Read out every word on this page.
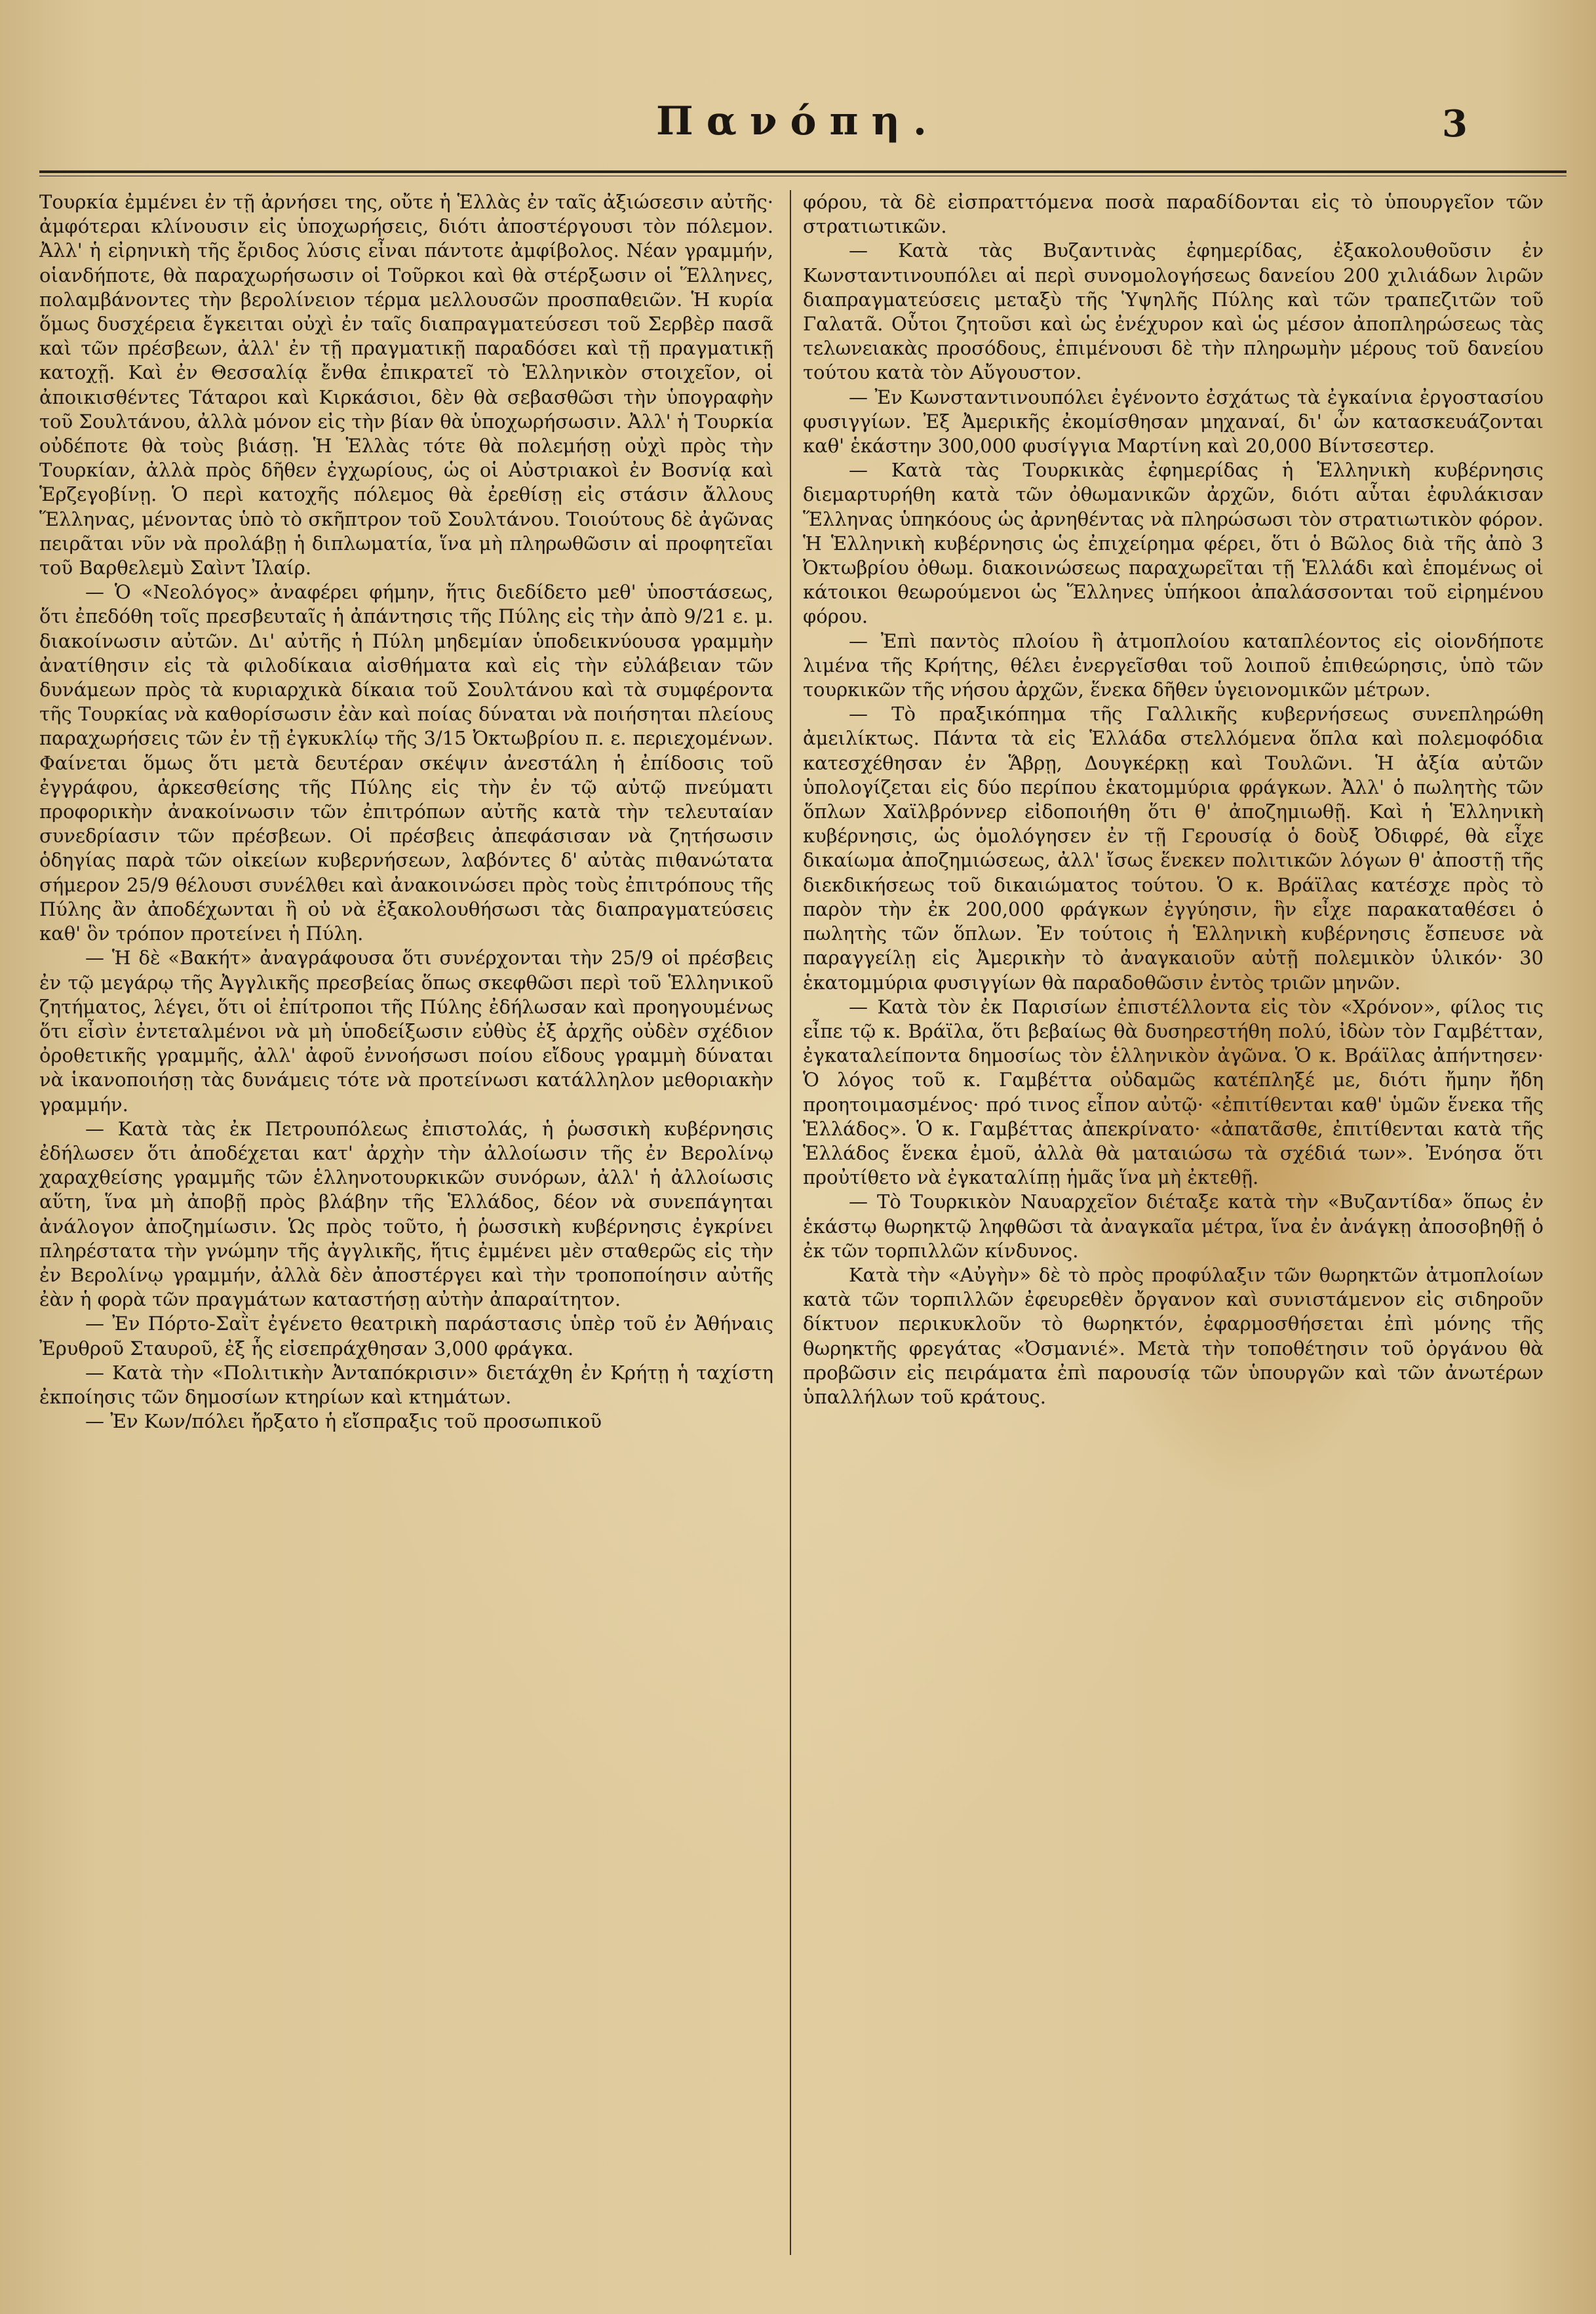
Πανόπη.	3

Τουρκία ἐμμένει ἐν τῇ ἀρνήσει της, οὔτε ἡ Ἑλλὰς ἐν ταῖς ἀξιώσεσιν αὐτῆς· ἀμφότεραι κλίνουσιν εἰς ὑποχωρήσεις, διότι ἀποστέργουσι τὸν πόλεμον. Ἀλλ' ἡ εἰρηνικὴ τῆς ἔριδος λύσις εἶναι πάντοτε ἀμφίβολος. Νέαν γραμμήν, οἱανδήποτε, θὰ παραχωρήσωσιν οἱ Τοῦρκοι καὶ θὰ στέρξωσιν οἱ Ἕλληνες, πολαμβάνοντες τὴν βερολίνειον τέρμα μελλουσῶν προσπαθειῶν. Ἡ κυρία ὅμως δυσχέρεια ἔγκειται οὐχὶ ἐν ταῖς διαπραγματεύσεσι τοῦ Σερβὲρ πασᾶ καὶ τῶν πρέσβεων, ἀλλ' ἐν τῇ πραγματικῇ παραδόσει καὶ τῇ πραγματικῇ κατοχῇ. Καὶ ἐν Θεσσαλίᾳ ἔνθα ἐπικρατεῖ τὸ Ἑλληνικὸν στοιχεῖον, οἱ ἀποικισθέντες Τάταροι καὶ Κιρκάσιοι, δὲν θὰ σεβασθῶσι τὴν ὑπογραφὴν τοῦ Σουλτάνου, ἀλλὰ μόνον εἰς τὴν βίαν θὰ ὑποχωρήσωσιν. Ἀλλ' ἡ Τουρκία οὐδέποτε θὰ τοὺς βιάσῃ. Ἡ Ἑλλὰς τότε θὰ πολεμήσῃ οὐχὶ πρὸς τὴν Τουρκίαν, ἀλλὰ πρὸς δῆθεν ἐγχωρίους, ὡς οἱ Αὐστριακοὶ ἐν Βοσνίᾳ καὶ Ἑρζεγοβίνῃ. Ὁ περὶ κατοχῆς πόλεμος θὰ ἐρεθίσῃ εἰς στάσιν ἄλλους Ἕλληνας, μένοντας ὑπὸ τὸ σκῆπτρον τοῦ Σουλτάνου. Τοιούτους δὲ ἀγῶνας πειρᾶται νῦν νὰ προλάβῃ ἡ διπλωματία, ἵνα μὴ πληρωθῶσιν αἱ προφητεῖαι τοῦ Βαρθελεμὺ Σαὶντ Ἰλαίρ.

— Ὁ «Νεολόγος» ἀναφέρει φήμην, ἥτις διεδίδετο μεθ' ὑποστάσεως, ὅτι ἐπεδόθη τοῖς πρεσβευταῖς ἡ ἀπάντησις τῆς Πύλης εἰς τὴν ἀπὸ 9/21 ε. μ. διακοίνωσιν αὐτῶν. Δι' αὐτῆς ἡ Πύλη μηδεμίαν ὑποδεικνύουσα γραμμὴν ἀνατίθησιν εἰς τὰ φιλοδίκαια αἰσθήματα καὶ εἰς τὴν εὐλάβειαν τῶν δυνάμεων πρὸς τὰ κυριαρχικὰ δίκαια τοῦ Σουλτάνου καὶ τὰ συμφέροντα τῆς Τουρκίας νὰ καθορίσωσιν ἐὰν καὶ ποίας δύναται νὰ ποιήσηται πλείους παραχωρήσεις τῶν ἐν τῇ ἐγκυκλίῳ τῆς 3/15 Ὀκτωβρίου π. ε. περιεχομένων. Φαίνεται ὅμως ὅτι μετὰ δευτέραν σκέψιν ἀνεστάλη ἡ ἐπίδοσις τοῦ ἐγγράφου, ἀρκεσθείσης τῆς Πύλης εἰς τὴν ἐν τῷ αὐτῷ πνεύματι προφορικὴν ἀνακοίνωσιν τῶν ἐπιτρόπων αὐτῆς κατὰ τὴν τελευταίαν συνεδρίασιν τῶν πρέσβεων. Οἱ πρέσβεις ἀπεφάσισαν νὰ ζητήσωσιν ὁδηγίας παρὰ τῶν οἰκείων κυβερνήσεων, λαβόντες δ' αὐτὰς πιθανώτατα σήμερον 25/9 θέλουσι συνέλθει καὶ ἀνακοινώσει πρὸς τοὺς ἐπιτρόπους τῆς Πύλης ἂν ἀποδέχωνται ἢ οὐ νὰ ἐξακολουθήσωσι τὰς διαπραγματεύσεις καθ' ὃν τρόπον προτείνει ἡ Πύλη.

— Ἡ δὲ «Βακήτ» ἀναγράφουσα ὅτι συνέρχονται τὴν 25/9 οἱ πρέσβεις ἐν τῷ μεγάρῳ τῆς Ἀγγλικῆς πρεσβείας ὅπως σκεφθῶσι περὶ τοῦ Ἑλληνικοῦ ζητήματος, λέγει, ὅτι οἱ ἐπίτροποι τῆς Πύλης ἐδήλωσαν καὶ προηγουμένως ὅτι εἶσὶν ἐντεταλμένοι νὰ μὴ ὑποδείξωσιν εὐθὺς ἐξ ἀρχῆς οὐδὲν σχέδιον ὀροθετικῆς γραμμῆς, ἀλλ' ἀφοῦ ἐννοήσωσι ποίου εἴδους γραμμὴ δύναται νὰ ἱκανοποιήσῃ τὰς δυνάμεις τότε νὰ προτείνωσι κατάλληλον μεθοριακὴν γραμμήν.

— Κατὰ τὰς ἐκ Πετρουπόλεως ἐπιστολάς, ἡ ῥωσσικὴ κυβέρνησις ἐδήλωσεν ὅτι ἀποδέχεται κατ' ἀρχὴν τὴν ἀλλοίωσιν τῆς ἐν Βερολίνῳ χαραχθείσης γραμμῆς τῶν ἑλληνοτουρκικῶν συνόρων, ἀλλ' ἡ ἀλλοίωσις αὕτη, ἵνα μὴ ἀποβῇ πρὸς βλάβην τῆς Ἑλλάδος, δέον νὰ συνεπάγηται ἀνάλογον ἀποζημίωσιν. Ὡς πρὸς τοῦτο, ἡ ῥωσσικὴ κυβέρνησις ἐγκρίνει πληρέστατα τὴν γνώμην τῆς ἀγγλικῆς, ἥτις ἐμμένει μὲν σταθερῶς εἰς τὴν ἐν Βερολίνῳ γραμμήν, ἀλλὰ δὲν ἀποστέργει καὶ τὴν τροποποίησιν αὐτῆς ἐὰν ἡ φορὰ τῶν πραγμάτων καταστήσῃ αὐτὴν ἀπαραίτητον.

— Ἐν Πόρτο-Σαῒτ ἐγένετο θεατρικὴ παράστασις ὑπὲρ τοῦ ἐν Ἀθήναις Ἐρυθροῦ Σταυροῦ, ἐξ ἧς εἰσεπράχθησαν 3,000 φράγκα.

— Κατὰ τὴν «Πολιτικὴν Ἀνταπόκρισιν» διετάχθη ἐν Κρήτῃ ἡ ταχίστη ἐκποίησις τῶν δημοσίων κτηρίων καὶ κτημάτων.

— Ἐν Κων/πόλει ἤρξατο ἡ εἴσπραξις τοῦ προσωπικοῦ

φόρου, τὰ δὲ εἰσπραττόμενα ποσὰ παραδίδονται εἰς τὸ ὑπουργεῖον τῶν στρατιωτικῶν.

— Κατὰ τὰς Βυζαντινὰς ἐφημερίδας, ἐξακολουθοῦσιν ἐν Κωνσταντινουπόλει αἱ περὶ συνομολογήσεως δανείου 200 χιλιάδων λιρῶν διαπραγματεύσεις μεταξὺ τῆς Ὑψηλῆς Πύλης καὶ τῶν τραπεζιτῶν τοῦ Γαλατᾶ. Οὗτοι ζητοῦσι καὶ ὡς ἐνέχυρον καὶ ὡς μέσον ἀποπληρώσεως τὰς τελωνειακὰς προσόδους, ἐπιμένουσι δὲ τὴν πληρωμὴν μέρους τοῦ δανείου τούτου κατὰ τὸν Αὔγουστον.

— Ἐν Κωνσταντινουπόλει ἐγένοντο ἐσχάτως τὰ ἐγκαίνια ἐργοστασίου φυσιγγίων. Ἐξ Ἀμερικῆς ἐκομίσθησαν μηχαναί, δι' ὧν κατασκευάζονται καθ' ἑκάστην 300,000 φυσίγγια Μαρτίνη καὶ 20,000 Βίντσεστερ.

— Κατὰ τὰς Τουρκικὰς ἐφημερίδας ἡ Ἑλληνικὴ κυβέρνησις διεμαρτυρήθη κατὰ τῶν ὀθωμανικῶν ἀρχῶν, διότι αὗται ἐφυλάκισαν Ἕλληνας ὑπηκόους ὡς ἀρνηθέντας νὰ πληρώσωσι τὸν στρατιωτικὸν φόρον. Ἡ Ἑλληνικὴ κυβέρνησις ὡς ἐπιχείρημα φέρει, ὅτι ὁ Βῶλος διὰ τῆς ἀπὸ 3 Ὀκτωβρίου ὀθωμ. διακοινώσεως παραχωρεῖται τῇ Ἑλλάδι καὶ ἑπομένως οἱ κάτοικοι θεωρούμενοι ὡς Ἕλληνες ὑπήκοοι ἀπαλάσσονται τοῦ εἰρημένου φόρου.

— Ἐπὶ παντὸς πλοίου ἢ ἀτμοπλοίου καταπλέοντος εἰς οἱονδήποτε λιμένα τῆς Κρήτης, θέλει ἐνεργεῖσθαι τοῦ λοιποῦ ἐπιθεώρησις, ὑπὸ τῶν τουρκικῶν τῆς νήσου ἀρχῶν, ἕνεκα δῆθεν ὑγειονομικῶν μέτρων.

— Τὸ πραξικόπημα τῆς Γαλλικῆς κυβερνήσεως συνεπληρώθη ἀμειλίκτως. Πάντα τὰ εἰς Ἑλλάδα στελλόμενα ὅπλα καὶ πολεμοφόδια κατεσχέθησαν ἐν Ἅβρῃ, Δουγκέρκῃ καὶ Τουλῶνι. Ἡ ἀξία αὐτῶν ὑπολογίζεται εἰς δύο περίπου ἑκατομμύρια φράγκων. Ἀλλ' ὁ πωλητὴς τῶν ὅπλων Χαϊλβρόννερ εἰδοποιήθη ὅτι θ' ἀποζημιωθῇ. Καὶ ἡ Ἑλληνικὴ κυβέρνησις, ὡς ὁμολόγησεν ἐν τῇ Γερουσίᾳ ὁ δοὺξ Ὀδιφρέ, θὰ εἶχε δικαίωμα ἀποζημιώσεως, ἀλλ' ἴσως ἕνεκεν πολιτικῶν λόγων θ' ἀποστῇ τῆς διεκδικήσεως τοῦ δικαιώματος τούτου. Ὁ κ. Βράϊλας κατέσχε πρὸς τὸ παρὸν τὴν ἐκ 200,000 φράγκων ἐγγύησιν, ἣν εἶχε παρακαταθέσει ὁ πωλητὴς τῶν ὅπλων. Ἐν τούτοις ἡ Ἑλληνικὴ κυβέρνησις ἔσπευσε νὰ παραγγείλῃ εἰς Ἀμερικὴν τὸ ἀναγκαιοῦν αὐτῇ πολεμικὸν ὑλικόν· 30 ἑκατομμύρια φυσιγγίων θὰ παραδοθῶσιν ἐντὸς τριῶν μηνῶν.

— Κατὰ τὸν ἐκ Παρισίων ἐπιστέλλοντα εἰς τὸν «Χρόνον», φίλος τις εἶπε τῷ κ. Βράϊλα, ὅτι βεβαίως θὰ δυσηρεστήθη πολύ, ἰδὼν τὸν Γαμβέτταν, ἐγκαταλείποντα δημοσίως τὸν ἑλληνικὸν ἀγῶνα. Ὁ κ. Βράϊλας ἀπήντησεν· Ὁ λόγος τοῦ κ. Γαμβέττα οὐδαμῶς κατέπληξέ με, διότι ἤμην ἤδη προητοιμασμένος· πρό τινος εἶπον αὐτῷ· «ἐπιτίθενται καθ' ὑμῶν ἕνεκα τῆς Ἑλλάδος». Ὁ κ. Γαμβέττας ἀπεκρίνατο· «ἀπατᾶσθε, ἐπιτίθενται κατὰ τῆς Ἑλλάδος ἕνεκα ἐμοῦ, ἀλλὰ θὰ ματαιώσω τὰ σχέδιά των». Ἐνόησα ὅτι προὐτίθετο νὰ ἐγκαταλίπῃ ἡμᾶς ἵνα μὴ ἐκτεθῇ.

— Τὸ Τουρκικὸν Ναυαρχεῖον διέταξε κατὰ τὴν «Βυζαντίδα» ὅπως ἐν ἑκάστῳ θωρηκτῷ ληφθῶσι τὰ ἀναγκαῖα μέτρα, ἵνα ἐν ἀνάγκῃ ἀποσοβηθῇ ὁ ἐκ τῶν τορπιλλῶν κίνδυνος.

Κατὰ τὴν «Αὐγὴν» δὲ τὸ πρὸς προφύλαξιν τῶν θωρηκτῶν ἀτμοπλοίων κατὰ τῶν τορπιλλῶν ἐφευρεθὲν ὄργανον καὶ συνιστάμενον εἰς σιδηροῦν δίκτυον περικυκλοῦν τὸ θωρηκτόν, ἐφαρμοσθήσεται ἐπὶ μόνης τῆς θωρηκτῆς φρεγάτας «Ὀσμανιέ». Μετὰ τὴν τοποθέτησιν τοῦ ὀργάνου θὰ προβῶσιν εἰς πειράματα ἐπὶ παρουσίᾳ τῶν ὑπουργῶν καὶ τῶν ἀνωτέρων ὑπαλλήλων τοῦ κράτους.
